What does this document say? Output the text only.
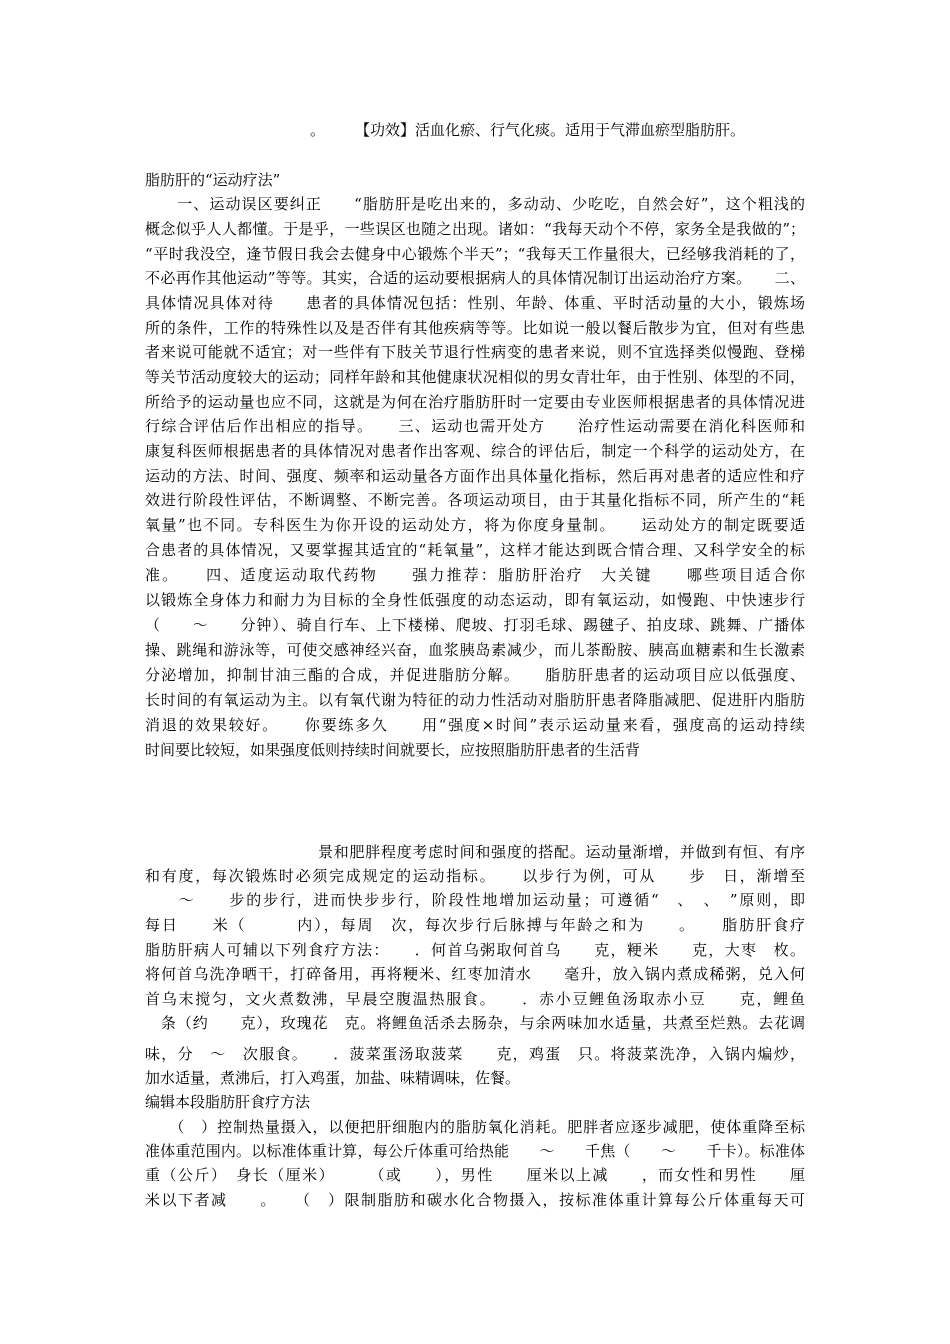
。　　　【功效】活血化瘀、行气化痰。适用于气滞血瘀型脂肪肝。
脂肪肝的“运动疗法”
　　一、运动误区要纠正　　“脂肪肝是吃出来的，多动动、少吃吃，自然会好”，这个粗浅的
概念似乎人人都懂。于是乎，一些误区也随之出现。诸如：“我每天动个不停，家务全是我做的”；
“平时我没空，逢节假日我会去健身中心锻炼个半天”；“我每天工作量很大，已经够我消耗的了，
不必再作其他运动”等等。其实，合适的运动要根据病人的具体情况制订出运动治疗方案。　　二、
具体情况具体对待　　患者的具体情况包括：性别、年龄、体重、平时活动量的大小，锻炼场
所的条件，工作的特殊性以及是否伴有其他疾病等等。比如说一般以餐后散步为宜，但对有些患
者来说可能就不适宜；对一些伴有下肢关节退行性病变的患者来说，则不宜选择类似慢跑、登梯
等关节活动度较大的运动；同样年龄和其他健康状况相似的男女青壮年，由于性别、体型的不同，
所给予的运动量也应不同，这就是为何在治疗脂肪肝时一定要由专业医师根据患者的具体情况进
行综合评估后作出相应的指导。　　三、运动也需开处方　　治疗性运动需要在消化科医师和
康复科医师根据患者的具体情况对患者作出客观、综合的评估后，制定一个科学的运动处方，在
运动的方法、时间、强度、频率和运动量各方面作出具体量化指标，然后再对患者的适应性和疗
效进行阶段性评估，不断调整、不断完善。各项运动项目，由于其量化指标不同，所产生的“耗
氧量”也不同。专科医生为你开设的运动处方，将为你度身量制。　　运动处方的制定既要适
合患者的具体情况，又要掌握其适宜的“耗氧量”，这样才能达到既合情合理、又科学安全的标
准。　　四、适度运动取代药物　　强力推荐：脂肪肝治疗　大关键　　哪些项目适合你
以锻炼全身体力和耐力为目标的全身性低强度的动态运动，即有氧运动，如慢跑、中快速步行
（　　～　　分钟）、骑自行车、上下楼梯、爬坡、打羽毛球、踢毽子、拍皮球、跳舞、广播体
操、跳绳和游泳等，可使交感神经兴奋，血浆胰岛素减少，而儿茶酚胺、胰高血糖素和生长激素
分泌增加，抑制甘油三酯的合成，并促进脂肪分解。　　脂肪肝患者的运动项目应以低强度、
长时间的有氧运动为主。以有氧代谢为特征的动力性活动对脂肪肝患者降脂减肥、促进肝内脂肪
消退的效果较好。　　你要练多久　　用“强度×时间”表示运动量来看，强度高的运动持续
时间要比较短，如果强度低则持续时间就要长，应按照脂肪肝患者的生活背
　　　　　　　　　　　景和肥胖程度考虑时间和强度的搭配。运动量渐增，并做到有恒、有序
和有度，每次锻炼时必须完成规定的运动指标。　　以步行为例，可从　　步　日，渐增至
　　～　　步的步行，进而快步步行，阶段性地增加运动量；可遵循“　、　、　”原则，即
每日　　米（　　　内），每周　次，每次步行后脉搏与年龄之和为　　。　　脂肪肝食疗
脂肪肝病人可辅以下列食疗方法：　　．何首乌粥取何首乌　　克，粳米　　克，大枣　枚。
将何首乌洗净晒干，打碎备用，再将粳米、红枣加清水　　毫升，放入锅内煮成稀粥，兑入何
首乌末搅匀，文火煮数沸，早晨空腹温热服食。　　．赤小豆鲤鱼汤取赤小豆　　克，鲤鱼
　条（约　　克），玫瑰花　克。将鲤鱼活杀去肠杂，与余两味加水适量，共煮至烂熟。去花调
味，分　～　次服食。　　．菠菜蛋汤取菠菜　　克，鸡蛋　只。将菠菜洗净，入锅内煸炒，
加水适量，煮沸后，打入鸡蛋，加盐、味精调味，佐餐。
编辑本段脂肪肝食疗方法
　　（　）控制热量摄入，以便把肝细胞内的脂肪氧化消耗。肥胖者应逐步减肥，使体重降至标
准体重范围内。以标准体重计算，每公斤体重可给热能　　～　　千焦（　　～　　千卡）。标准体
重（公斤）　身长（厘米）　　　（或　　），男性　　厘米以上减　　，而女性和男性　　厘
米以下者减　　。　　（　）限制脂肪和碳水化合物摄入，按标准体重计算每公斤体重每天可
